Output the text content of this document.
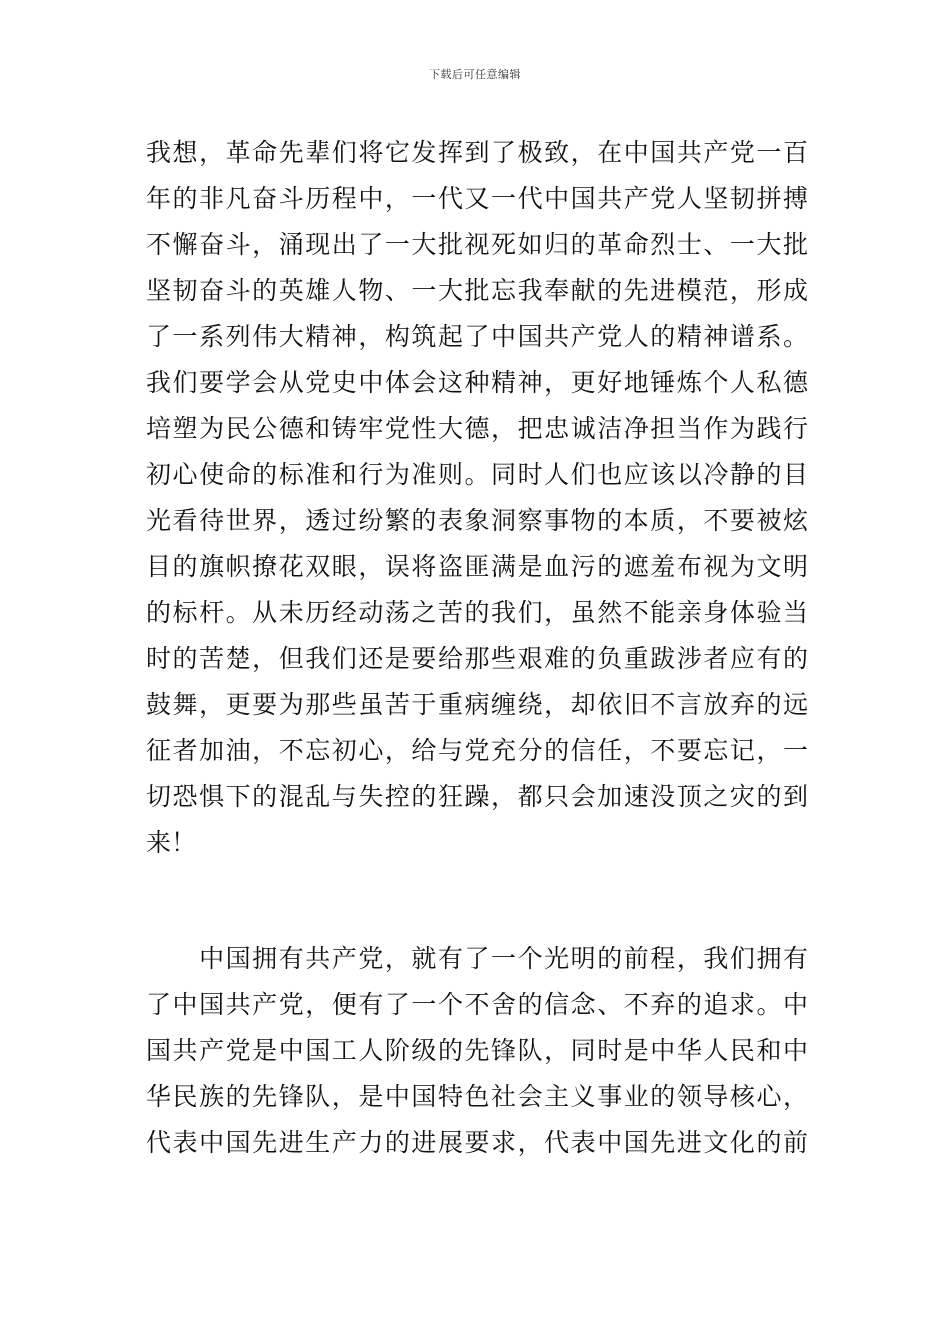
下载后可任意编辑
我想，革命先辈们将它发挥到了极致，在中国共产党一百
年的非凡奋斗历程中，一代又一代中国共产党人坚韧拼搏
不懈奋斗，涌现出了一大批视死如归的革命烈士、一大批
坚韧奋斗的英雄人物、一大批忘我奉献的先进模范，形成
了一系列伟大精神，构筑起了中国共产党人的精神谱系。
我们要学会从党史中体会这种精神，更好地锤炼个人私德
培塑为民公德和铸牢党性大德，把忠诚洁净担当作为践行
初心使命的标准和行为准则。同时人们也应该以冷静的目
光看待世界，透过纷繁的表象洞察事物的本质，不要被炫
目的旗帜撩花双眼，误将盗匪满是血污的遮羞布视为文明
的标杆。从未历经动荡之苦的我们，虽然不能亲身体验当
时的苦楚，但我们还是要给那些艰难的负重跋涉者应有的
鼓舞，更要为那些虽苦于重病缠绕，却依旧不言放弃的远
征者加油，不忘初心，给与党充分的信任，不要忘记，一
切恐惧下的混乱与失控的狂躁，都只会加速没顶之灾的到
来！
　　中国拥有共产党，就有了一个光明的前程，我们拥有
了中国共产党，便有了一个不舍的信念、不弃的追求。中
国共产党是中国工人阶级的先锋队，同时是中华人民和中
华民族的先锋队，是中国特色社会主义事业的领导核心，
代表中国先进生产力的进展要求，代表中国先进文化的前
